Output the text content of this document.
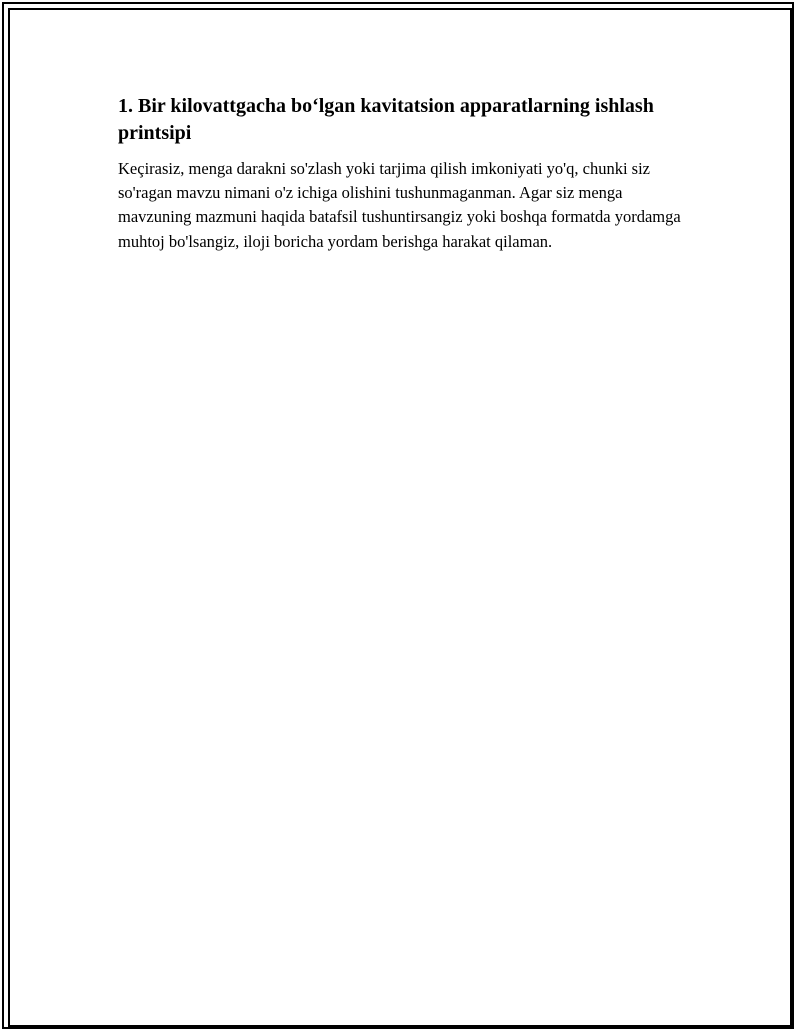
1. Bir kilovattgacha bo‘lgan kavitatsion apparatlarning ishlash printsipi

Keçirasiz, menga darakni so'zlash yoki tarjima qilish imkoniyati yo'q, chunki siz so'ragan mavzu nimani o'z ichiga olishini tushunmaganman. Agar siz menga mavzuning mazmuni haqida batafsil tushuntirsangiz yoki boshqa formatda yordamga muhtoj bo'lsangiz, iloji boricha yordam berishga harakat qilaman.
